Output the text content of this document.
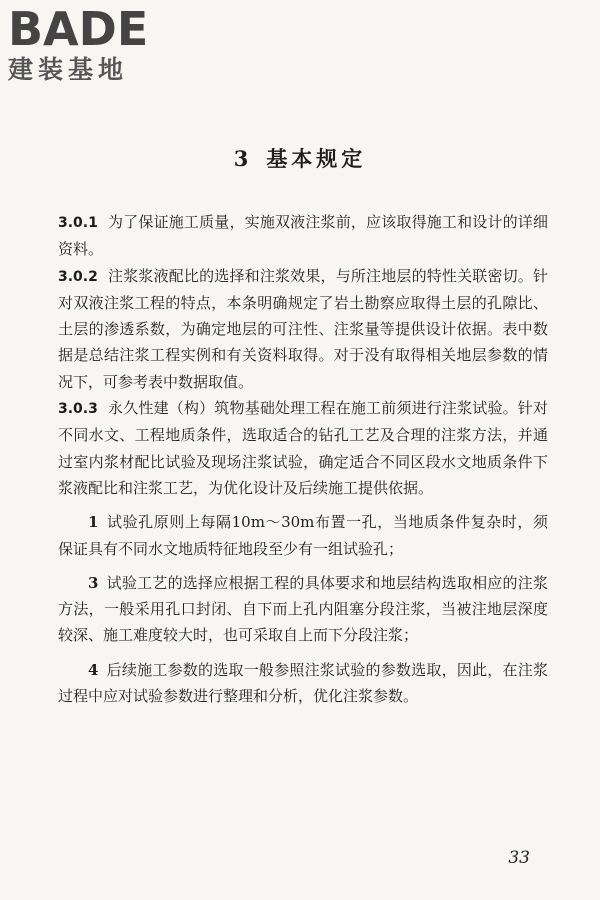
BADE
建装基地
3 基本规定

3.0.1 为了保证施工质量，实施双液注浆前，应该取得施工和设计的详细资料。

3.0.2 注浆浆液配比的选择和注浆效果，与所注地层的特性关联密切。针对双液注浆工程的特点，本条明确规定了岩土勘察应取得土层的孔隙比、土层的渗透系数，为确定地层的可注性、注浆量等提供设计依据。表中数据是总结注浆工程实例和有关资料取得。对于没有取得相关地层参数的情况下，可参考表中数据取值。

3.0.3 永久性建（构）筑物基础处理工程在施工前须进行注浆试验。针对不同水文、工程地质条件，选取适合的钻孔工艺及合理的注浆方法，并通过室内浆材配比试验及现场注浆试验，确定适合不同区段水文地质条件下浆液配比和注浆工艺，为优化设计及后续施工提供依据。

1 试验孔原则上每隔10m～30m布置一孔，当地质条件复杂时，须保证具有不同水文地质特征地段至少有一组试验孔；

3 试验工艺的选择应根据工程的具体要求和地层结构选取相应的注浆方法，一般采用孔口封闭、自下而上孔内阻塞分段注浆，当被注地层深度较深、施工难度较大时，也可采取自上而下分段注浆；

4 后续施工参数的选取一般参照注浆试验的参数选取，因此，在注浆过程中应对试验参数进行整理和分析，优化注浆参数。

33
